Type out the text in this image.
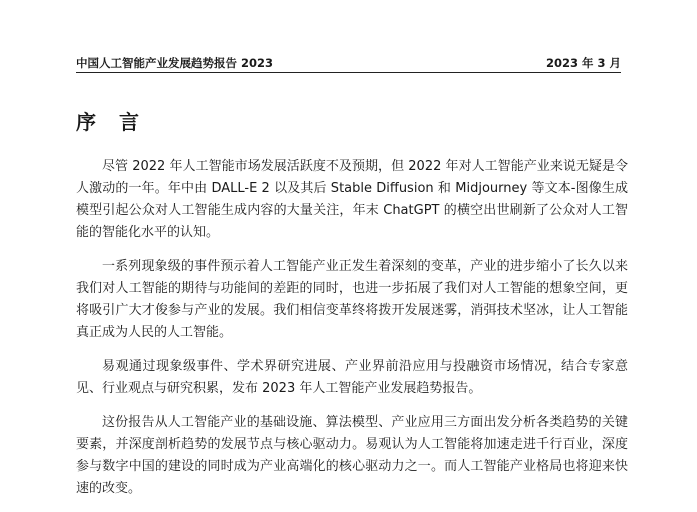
中国人工智能产业发展趋势报告 2023	2023 年 3 月
序 言

尽管 2022 年人工智能市场发展活跃度不及预期，但 2022 年对人工智能产业来说无疑是令人激动的一年。年中由 DALL-E 2 以及其后 Stable Diffusion 和 Midjourney 等文本-图像生成模型引起公众对人工智能生成内容的大量关注，年末 ChatGPT 的横空出世刷新了公众对人工智能的智能化水平的认知。

一系列现象级的事件预示着人工智能产业正发生着深刻的变革，产业的进步缩小了长久以来我们对人工智能的期待与功能间的差距的同时，也进一步拓展了我们对人工智能的想象空间，更将吸引广大才俊参与产业的发展。我们相信变革终将拨开发展迷雾，消弭技术坚冰，让人工智能真正成为人民的人工智能。

易观通过现象级事件、学术界研究进展、产业界前沿应用与投融资市场情况，结合专家意见、行业观点与研究积累，发布 2023 年人工智能产业发展趋势报告。

这份报告从人工智能产业的基础设施、算法模型、产业应用三方面出发分析各类趋势的关键要素，并深度剖析趋势的发展节点与核心驱动力。易观认为人工智能将加速走进千行百业，深度参与数字中国的建设的同时成为产业高端化的核心驱动力之一。而人工智能产业格局也将迎来快速的改变。
